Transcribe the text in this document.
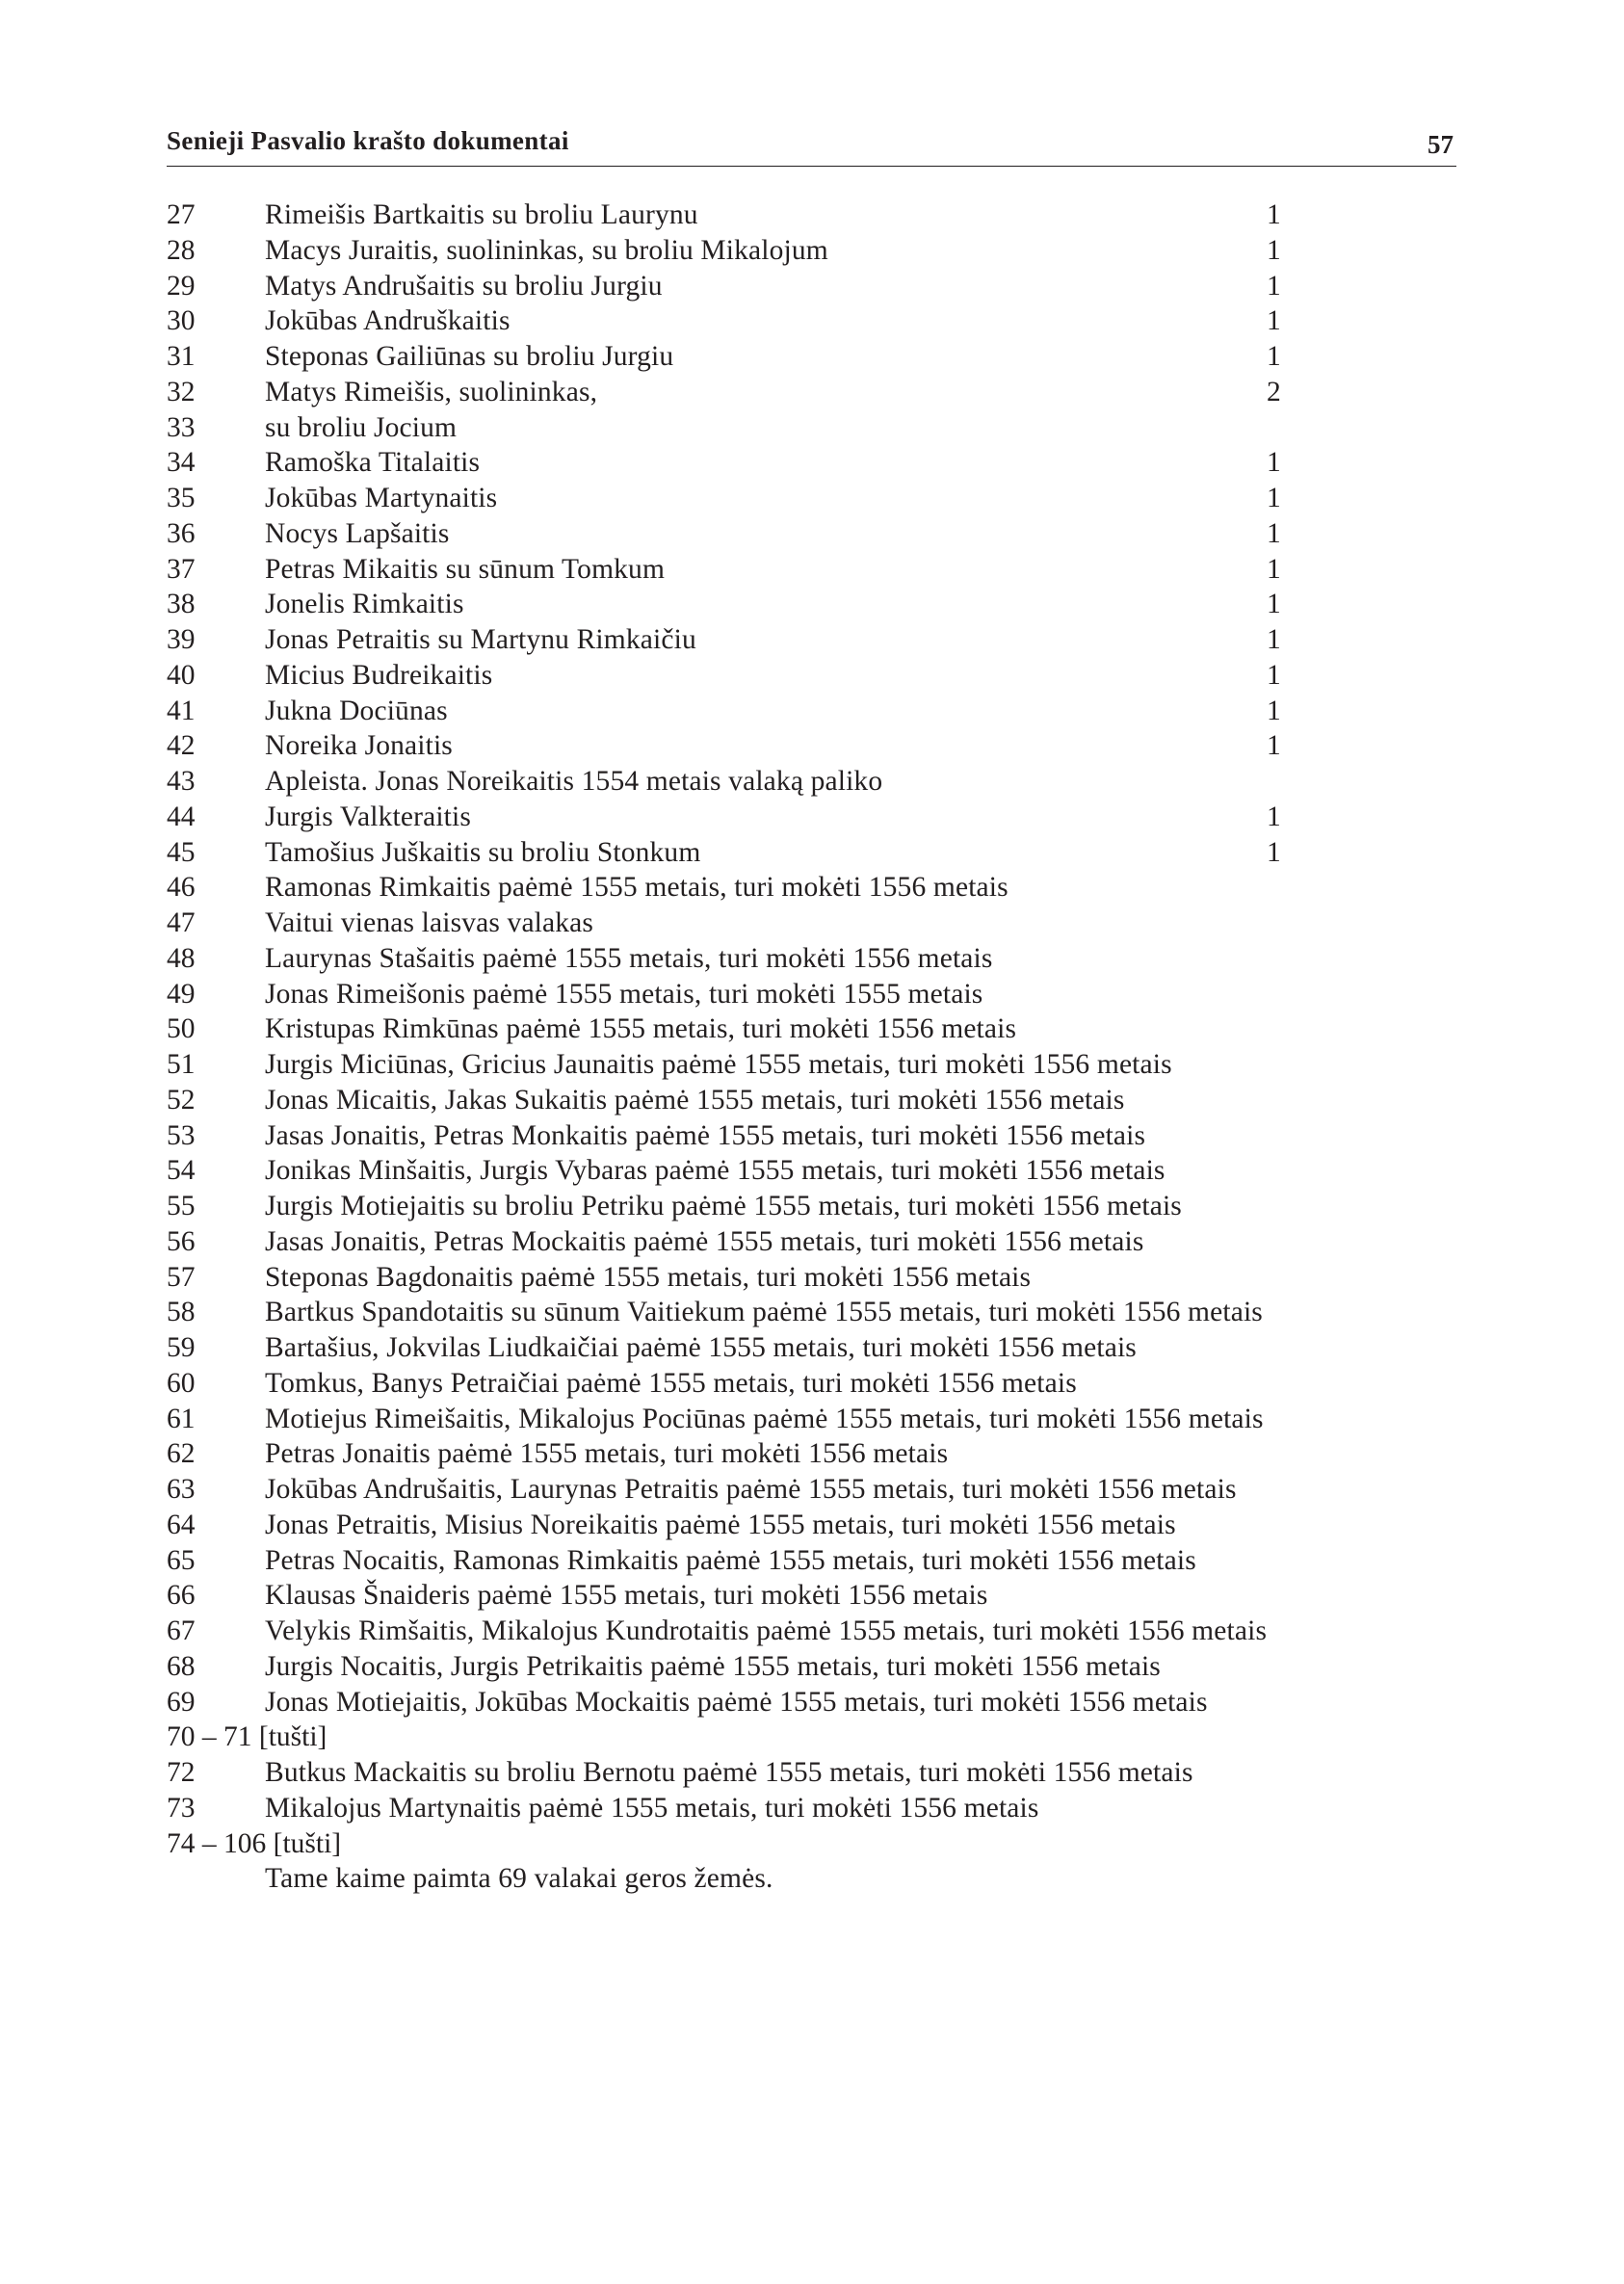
Senieji Pasvalio krašto dokumentai	57
27 Rimeišis Bartkaitis su broliu Laurynu	1
28 Macys Juraitis, suolininkas, su broliu Mikalojum	1
29 Matys Andrušaitis su broliu Jurgiu	1
30 Jokūbas Andruškaitis	1
31 Steponas Gailiūnas su broliu Jurgiu	1
32 Matys Rimeišis, suolininkas,	2
33 su broliu Jocium
34 Ramoška Titalaitis	1
35 Jokūbas Martynaitis	1
36 Nocys Lapšaitis	1
37 Petras Mikaitis su sūnum Tomkum	1
38 Jonelis Rimkaitis	1
39 Jonas Petraitis su Martynu Rimkaičiu	1
40 Micius Budreikaitis	1
41 Jukna Dociūnas	1
42 Noreika Jonaitis	1
43 Apleista. Jonas Noreikaitis 1554 metais valaką paliko
44 Jurgis Valkteraitis	1
45 Tamošius Juškaitis su broliu Stonkum	1
46 Ramonas Rimkaitis paėmė 1555 metais, turi mokėti 1556 metais
47 Vaitui vienas laisvas valakas
48 Laurynas Stašaitis paėmė 1555 metais, turi mokėti 1556 metais
49 Jonas Rimeišonis paėmė 1555 metais, turi mokėti 1555 metais
50 Kristupas Rimkūnas paėmė 1555 metais, turi mokėti 1556 metais
51 Jurgis Miciūnas, Gricius Jaunaitis paėmė 1555 metais, turi mokėti 1556 metais
52 Jonas Micaitis, Jakas Sukaitis paėmė 1555 metais, turi mokėti 1556 metais
53 Jasas Jonaitis, Petras Monkaitis paėmė 1555 metais, turi mokėti 1556 metais
54 Jonikas Minšaitis, Jurgis Vybaras paėmė 1555 metais, turi mokėti 1556 metais
55 Jurgis Motiejaitis su broliu Petriku paėmė 1555 metais, turi mokėti 1556 metais
56 Jasas Jonaitis, Petras Mockaitis paėmė 1555 metais, turi mokėti 1556 metais
57 Steponas Bagdonaitis paėmė 1555 metais, turi mokėti 1556 metais
58 Bartkus Spandotaitis su sūnum Vaitiekum paėmė 1555 metais, turi mokėti 1556 metais
59 Bartašius, Jokvilas Liudkaičiai paėmė 1555 metais, turi mokėti 1556 metais
60 Tomkus, Banys Petraičiai paėmė 1555 metais, turi mokėti 1556 metais
61 Motiejus Rimeišaitis, Mikalojus Pociūnas paėmė 1555 metais, turi mokėti 1556 metais
62 Petras Jonaitis paėmė 1555 metais, turi mokėti 1556 metais
63 Jokūbas Andrušaitis, Laurynas Petraitis paėmė 1555 metais, turi mokėti 1556 metais
64 Jonas Petraitis, Misius Noreikaitis paėmė 1555 metais, turi mokėti 1556 metais
65 Petras Nocaitis, Ramonas Rimkaitis paėmė 1555 metais, turi mokėti 1556 metais
66 Klausas Šnaideris paėmė 1555 metais, turi mokėti 1556 metais
67 Velykis Rimšaitis, Mikalojus Kundrotaitis paėmė 1555 metais, turi mokėti 1556 metais
68 Jurgis Nocaitis, Jurgis Petrikaitis paėmė 1555 metais, turi mokėti 1556 metais
69 Jonas Motiejaitis, Jokūbas Mockaitis paėmė 1555 metais, turi mokėti 1556 metais
70 – 71 [tušti]
72 Butkus Mackaitis su broliu Bernotu paėmė 1555 metais, turi mokėti 1556 metais
73 Mikalojus Martynaitis paėmė 1555 metais, turi mokėti 1556 metais
74 – 106 [tušti]
Tame kaime paimta 69 valakai geros žemės.
